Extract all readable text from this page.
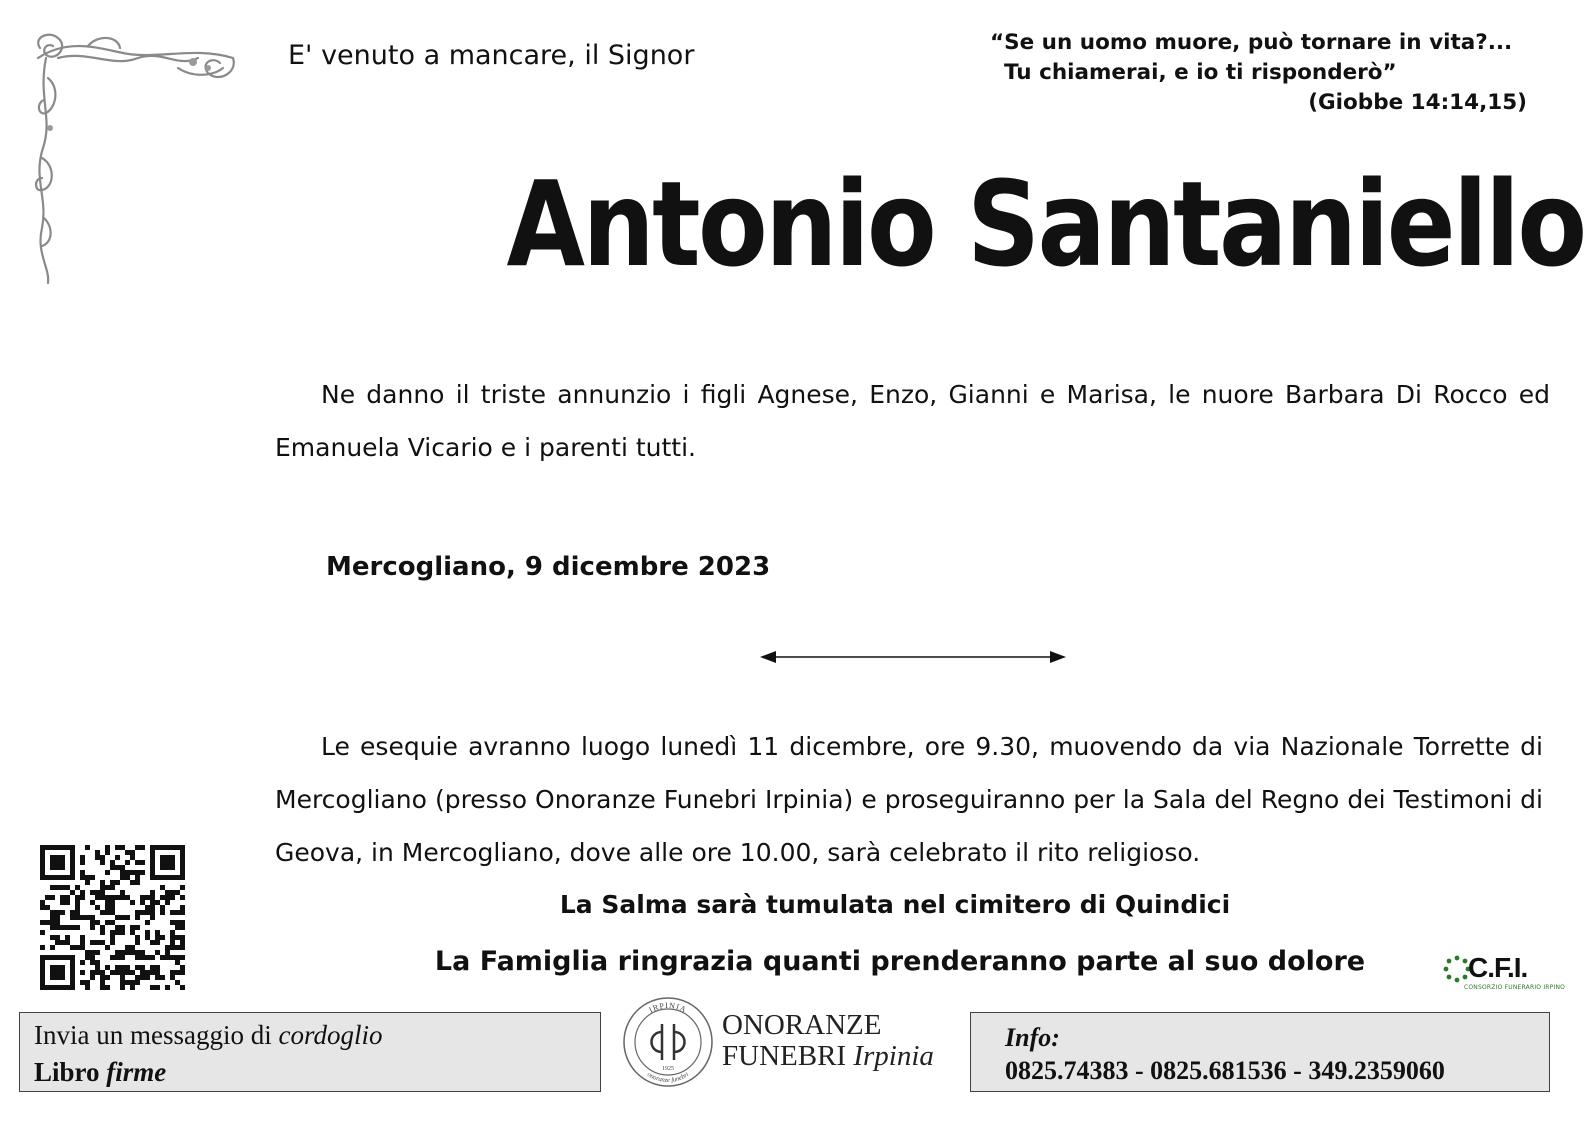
E' venuto a mancare, il Signor	“Se un uomo muore, può tornare in vita?...
Tu chiamerai, e io ti risponderò”
(Giobbe 14:14,15)
Antonio Santaniello
Ne danno il triste annunzio i figli Agnese, Enzo, Gianni e Marisa, le nuore Barbara Di Rocco ed Emanuela Vicario e i parenti tutti.
Mercogliano, 9 dicembre 2023
Le esequie avranno luogo lunedì 11 dicembre, ore 9.30, muovendo da via Nazionale Torrette di Mercogliano (presso Onoranze Funebri Irpinia) e proseguiranno per la Sala del Regno dei Testimoni di Geova, in Mercogliano, dove alle ore 10.00, sarà celebrato il rito religioso.
La Salma sarà tumulata nel cimitero di Quindici
La Famiglia ringrazia quanti prenderanno parte al suo dolore	C.F.I.
CONSORZIO FUNERARIO IRPINO
Invia un messaggio di cordoglio
Libro firme
IRPINIA
onoranze funebri
1925
ONORANZE
FUNEBRI Irpinia
Info:
0825.74383 - 0825.681536 - 349.2359060
